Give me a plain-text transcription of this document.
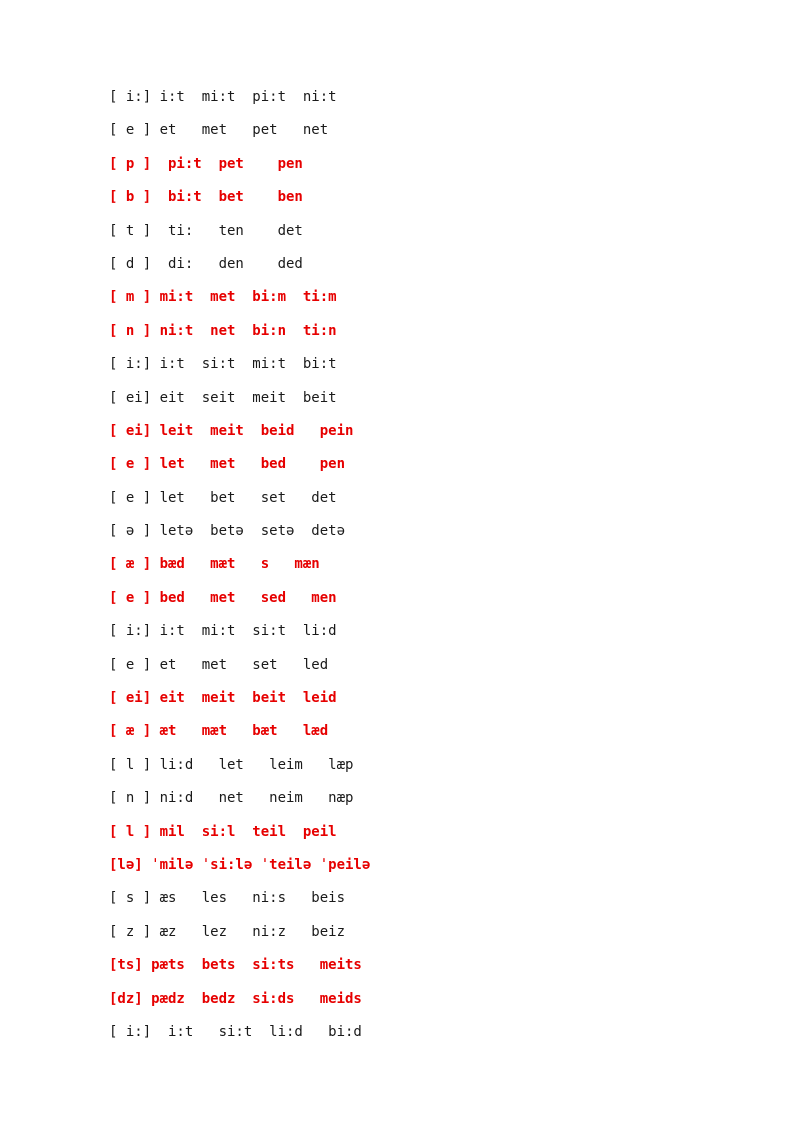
[ i:] i:t  mi:t  pi:t  ni:t
[ e ] et   met   pet   net
[ p ]  pi:t  pet    pen
[ b ]  bi:t  bet    ben
[ t ]  ti:   ten    det
[ d ]  di:   den    ded
[ m ] mi:t  met  bi:m  ti:m
[ n ] ni:t  net  bi:n  ti:n
[ i:] i:t  si:t  mi:t  bi:t
[ ei] eit  seit  meit  beit
[ ei] leit  meit  beid   pein
[ e ] let   met   bed    pen
[ e ] let   bet   set   det
[ ə ] letə  betə  setə  detə
[ æ ] bæd   mæt   s   mæn
[ e ] bed   met   sed   men
[ i:] i:t  mi:t  si:t  li:d
[ e ] et   met   set   led
[ ei] eit  meit  beit  leid
[ æ ] æt   mæt   bæt   læd
[ l ] li:d   let   leim   læp
[ n ] ni:d   net   neim   næp
[ l ] mil  si:l  teil  peil
[lə] ˈmilə ˈsi:lə ˈteilə ˈpeilə
[ s ] æs   les   ni:s   beis
[ z ] æz   lez   ni:z   beiz
[ts] pæts  bets  si:ts   meits
[dz] pædz  bedz  si:ds   meids
[ i:]  i:t   si:t  li:d   bi:d
